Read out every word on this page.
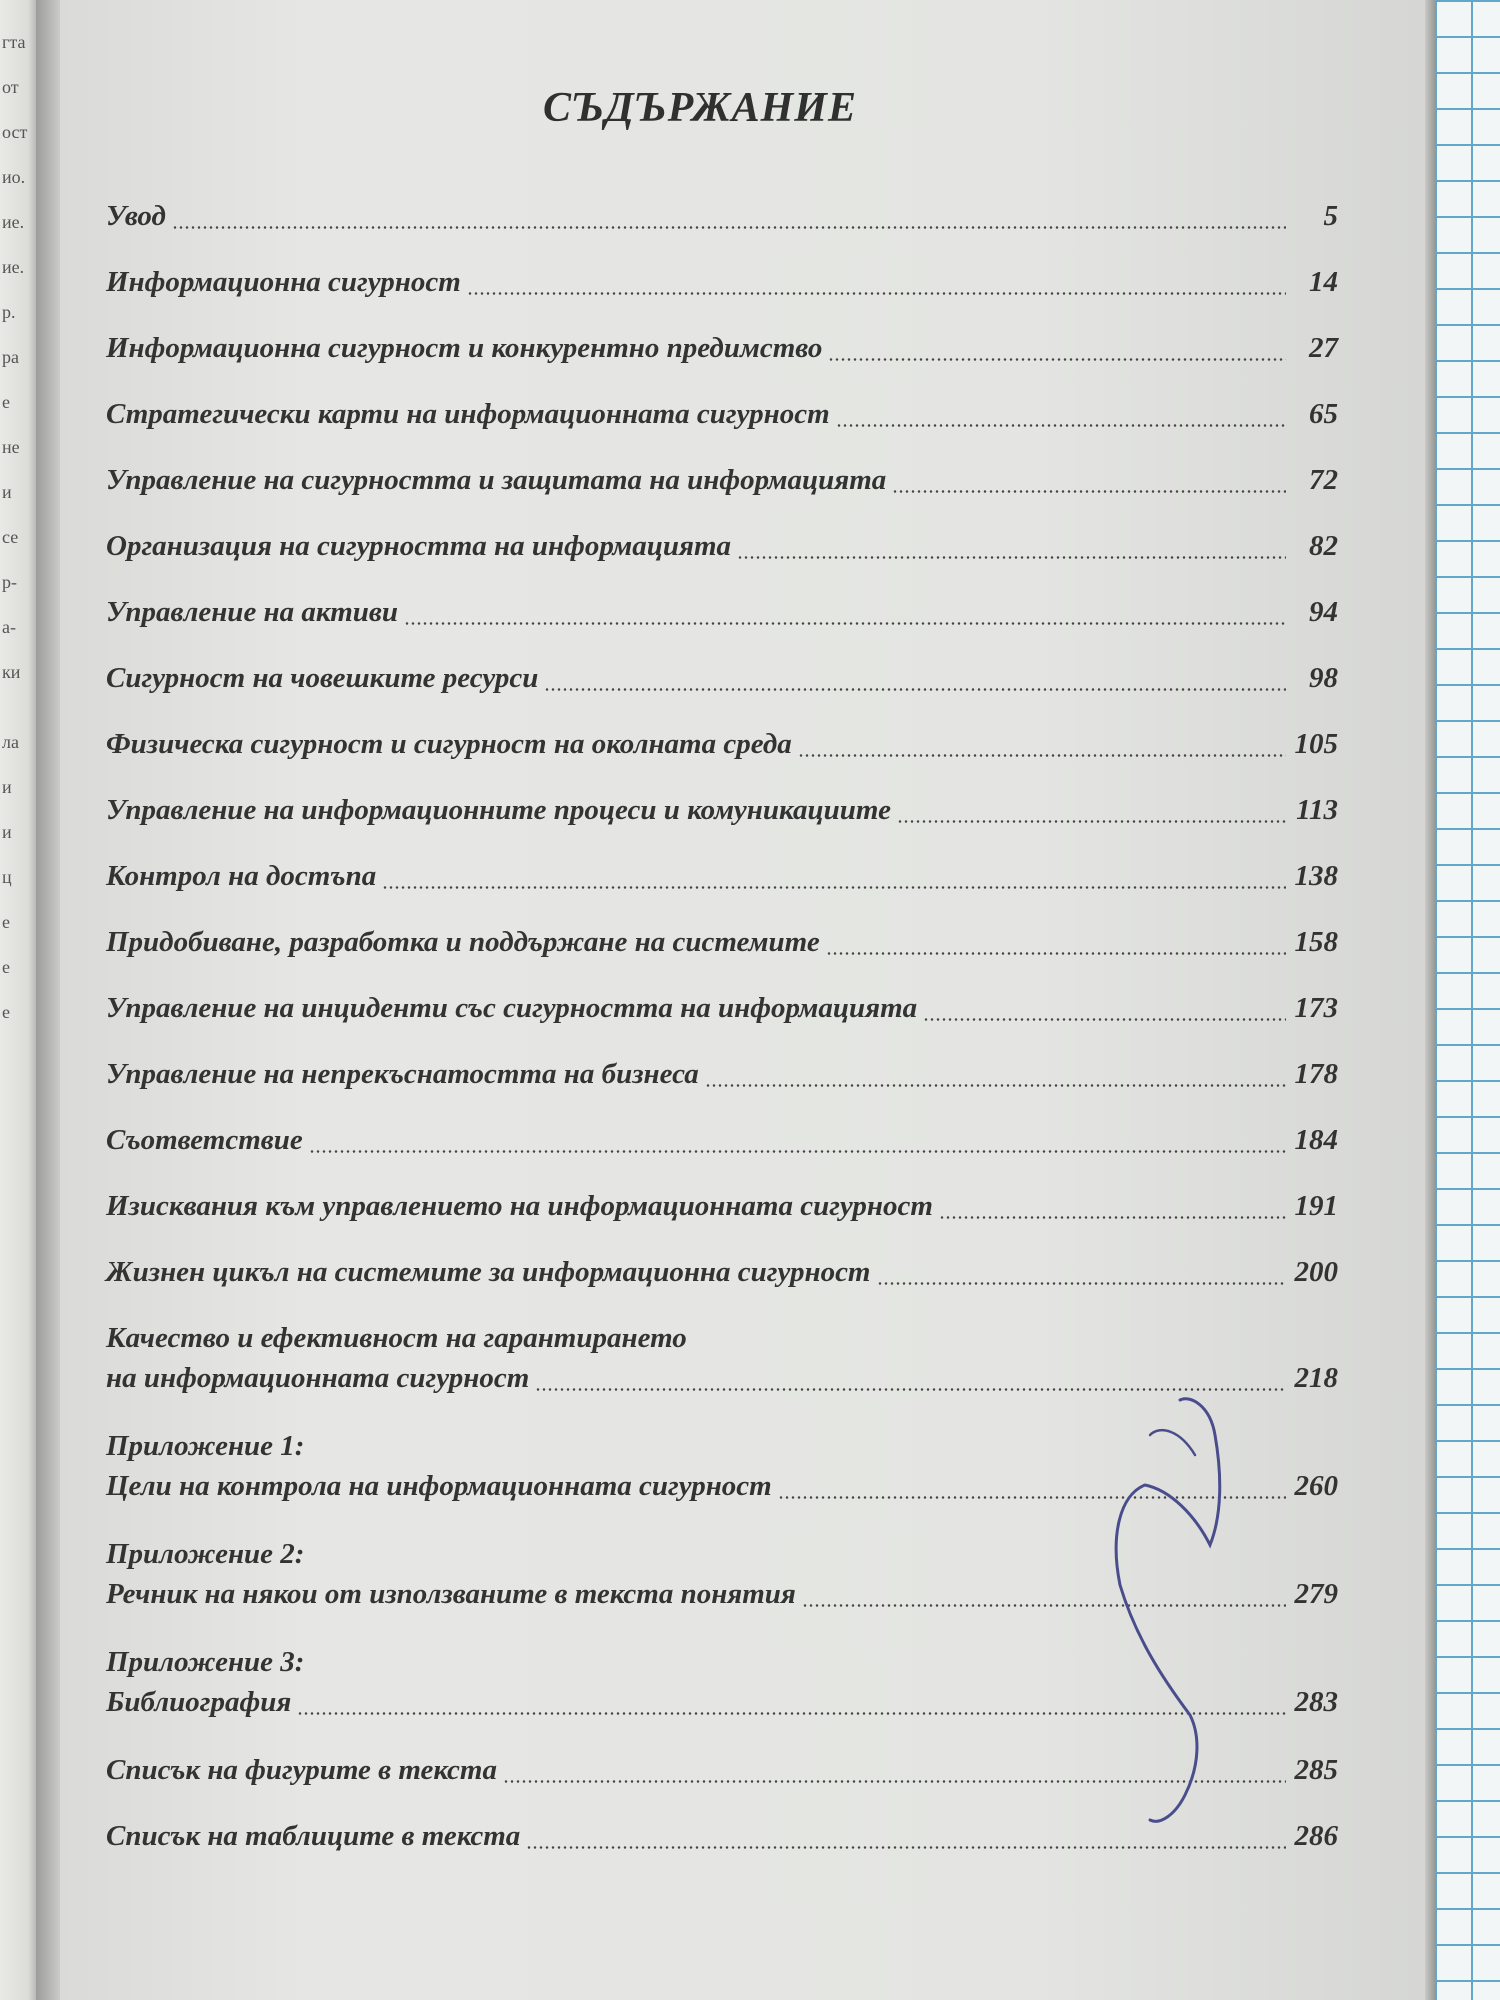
гта
от
ост
ио.
ие.
ие.
р.
ра
е
не
и
се
р-
а-
ки
ла
и
и
ц
е
е
е
СЪДЪРЖАНИЕ
Увод	5
Информационна сигурност	14
Информационна сигурност и конкурентно предимство	27
Стратегически карти на информационната сигурност	65
Управление на сигурността и защитата на информацията	72
Организация на сигурността на информацията	82
Управление на активи	94
Сигурност на човешките ресурси	98
Физическа сигурност и сигурност на околната среда	105
Управление на информационните процеси и комуникациите	113
Контрол на достъпа	138
Придобиване, разработка и поддържане на системите	158
Управление на инциденти със сигурността на информацията	173
Управление на непрекъснатостта на бизнеса	178
Съответствие	184
Изисквания към управлението на информационната сигурност	191
Жизнен цикъл на системите за информационна сигурност	200
Качество и ефективност на гарантирането
на информационната сигурност	218
Приложение 1:
Цели на контрола на информационната сигурност	260
Приложение 2:
Речник на някои от използваните в текста понятия	279
Приложение 3:
Библиография	283
Списък на фигурите в текста	285
Списък на таблиците в текста	286
